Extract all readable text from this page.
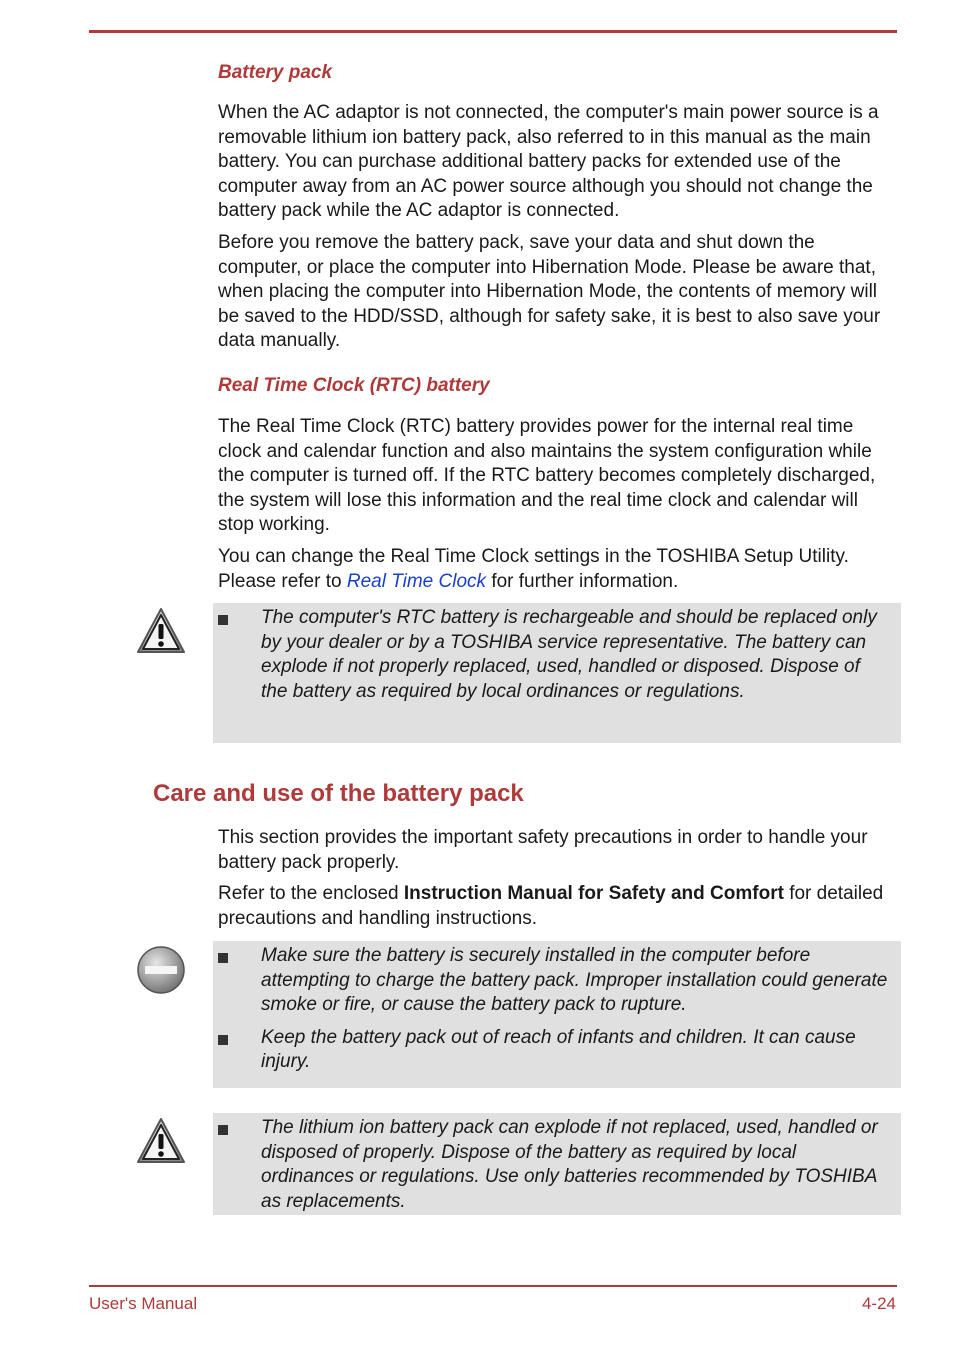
Battery pack

When the AC adaptor is not connected, the computer's main power source is a removable lithium ion battery pack, also referred to in this manual as the main battery. You can purchase additional battery packs for extended use of the computer away from an AC power source although you should not change the battery pack while the AC adaptor is connected.

Before you remove the battery pack, save your data and shut down the computer, or place the computer into Hibernation Mode. Please be aware that, when placing the computer into Hibernation Mode, the contents of memory will be saved to the HDD/SSD, although for safety sake, it is best to also save your data manually.

Real Time Clock (RTC) battery

The Real Time Clock (RTC) battery provides power for the internal real time clock and calendar function and also maintains the system configuration while the computer is turned off. If the RTC battery becomes completely discharged, the system will lose this information and the real time clock and calendar will stop working.

You can change the Real Time Clock settings in the TOSHIBA Setup Utility. Please refer to Real Time Clock for further information.

The computer's RTC battery is rechargeable and should be replaced only by your dealer or by a TOSHIBA service representative. The battery can explode if not properly replaced, used, handled or disposed. Dispose of the battery as required by local ordinances or regulations.
Care and use of the battery pack

This section provides the important safety precautions in order to handle your battery pack properly.

Refer to the enclosed Instruction Manual for Safety and Comfort for detailed precautions and handling instructions.

Make sure the battery is securely installed in the computer before attempting to charge the battery pack. Improper installation could generate smoke or fire, or cause the battery pack to rupture.
Keep the battery pack out of reach of infants and children. It can cause injury.
The lithium ion battery pack can explode if not replaced, used, handled or disposed of properly. Dispose of the battery as required by local ordinances or regulations. Use only batteries recommended by TOSHIBA as replacements.
User's Manual	4-24
